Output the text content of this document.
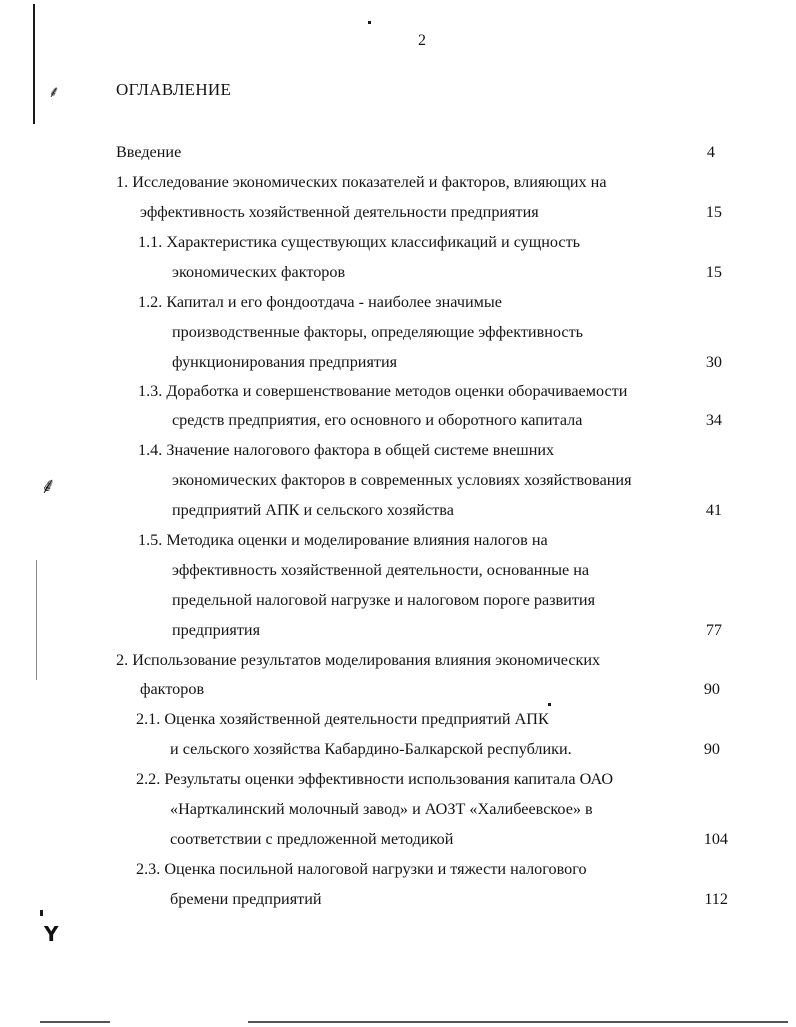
2
ОГЛАВЛЕНИЕ
Введение	4
1. Исследование экономических показателей и факторов, влияющих на
эффективность хозяйственной деятельности предприятия	15
1.1. Характеристика существующих классификаций и сущность
экономических факторов	15
1.2. Капитал и его фондоотдача - наиболее значимые
производственные факторы, определяющие эффективность
функционирования предприятия	30
1.3. Доработка и совершенствование методов оценки оборачиваемости
средств предприятия, его основного и оборотного капитала	34
1.4. Значение налогового фактора в общей системе внешних
экономических факторов в современных условиях хозяйствования
предприятий АПК и сельского хозяйства	41
1.5. Методика оценки и моделирование влияния налогов на
эффективность хозяйственной деятельности, основанные на
предельной налоговой нагрузке и налоговом пороге развития
предприятия	77
2. Использование результатов моделирования влияния экономических
факторов	90
2.1. Оценка хозяйственной деятельности предприятий АПК
и сельского хозяйства Кабардино-Балкарской республики.	90
2.2. Результаты оценки эффективности использования капитала ОАО
«Нарткалинский молочный завод» и АОЗТ «Халибеевское» в
соответствии с предложенной методикой	104
2.3. Оценка посильной налоговой нагрузки и тяжести налогового
бремени предприятий	112
⸙
⸙
Y
